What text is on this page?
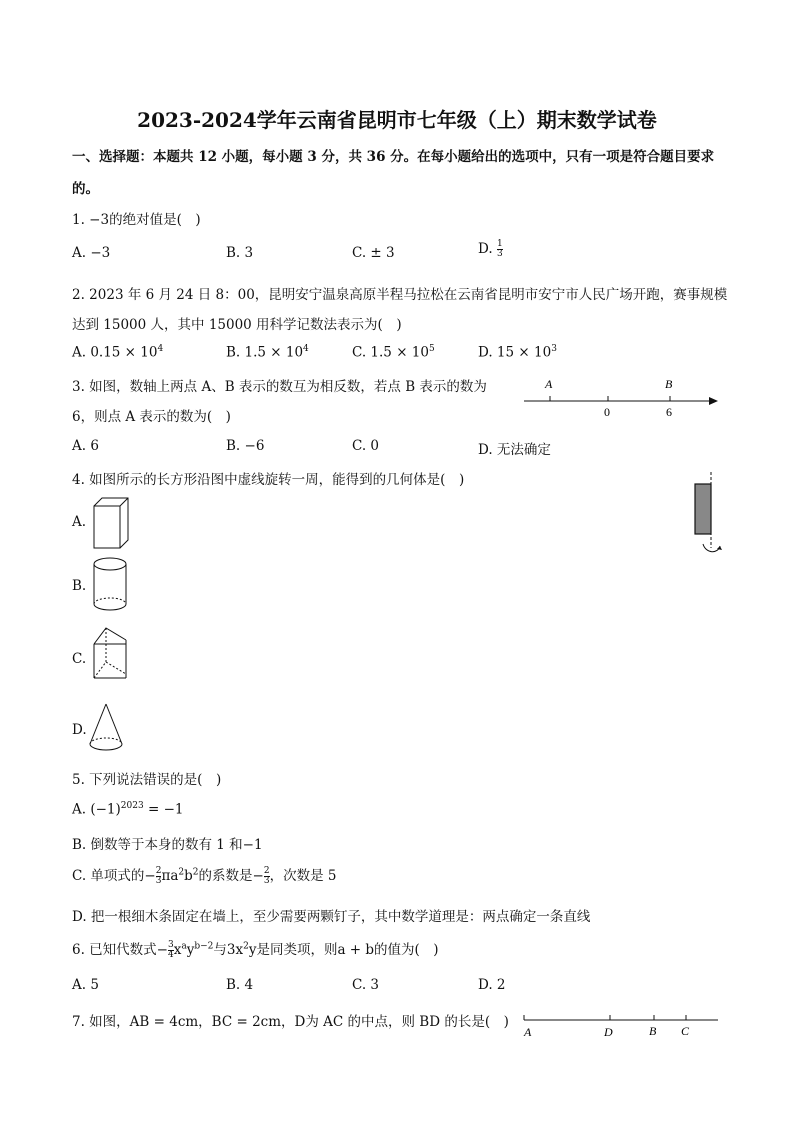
2023-2024学年云南省昆明市七年级（上）期末数学试卷
一、选择题：本题共 12 小题，每小题 3 分，共 36 分。在每小题给出的选项中，只有一项是符合题目要求
的。
1. −3的绝对值是(　)
A. −3	B. 3	C. ± 3	D. $\frac{1}{3}$
2. 2023 年 6 月 24 日 8：00，昆明安宁温泉高原半程马拉松在云南省昆明市安宁市人民广场开跑，赛事规模
达到 15000 人，其中 15000 用科学记数法表示为(　)
A. $0.15 \times 10^4$	B. $1.5 \times 10^4$	C. $1.5 \times 10^5$	D. $15 \times 10^3$
3. 如图，数轴上两点 A、B 表示的数互为相反数，若点 B 表示的数为
6，则点 A 表示的数为(　)
A	B
0	6
A. 6	B. −6	C. 0	D. 无法确定
4. 如图所示的长方形沿图中虚线旋转一周，能得到的几何体是(　)
A.
B.
C.
D.
5. 下列说法错误的是(　)
A. $(-1)^{2023} = -1$
B. 倒数等于本身的数有 1 和−1
C. 单项式的− $\frac{2}{3} \pi a^2b^2$的系数是− $\frac{2}{3}$ ，次数是 5
D. 把一根细木条固定在墙上，至少需要两颗钉子，其中数学道理是：两点确定一条直线
6. 已知代数式− $\frac{3}{4} x^ay^{b-2}$与$3x^2y$是同类项，则a + b的值为(　)
A. 5	B. 4	C. 3	D. 2
7. 如图，AB = 4cm，BC = 2cm，D为 AC 的中点，则 BD 的长是(　)
A	D	B C
